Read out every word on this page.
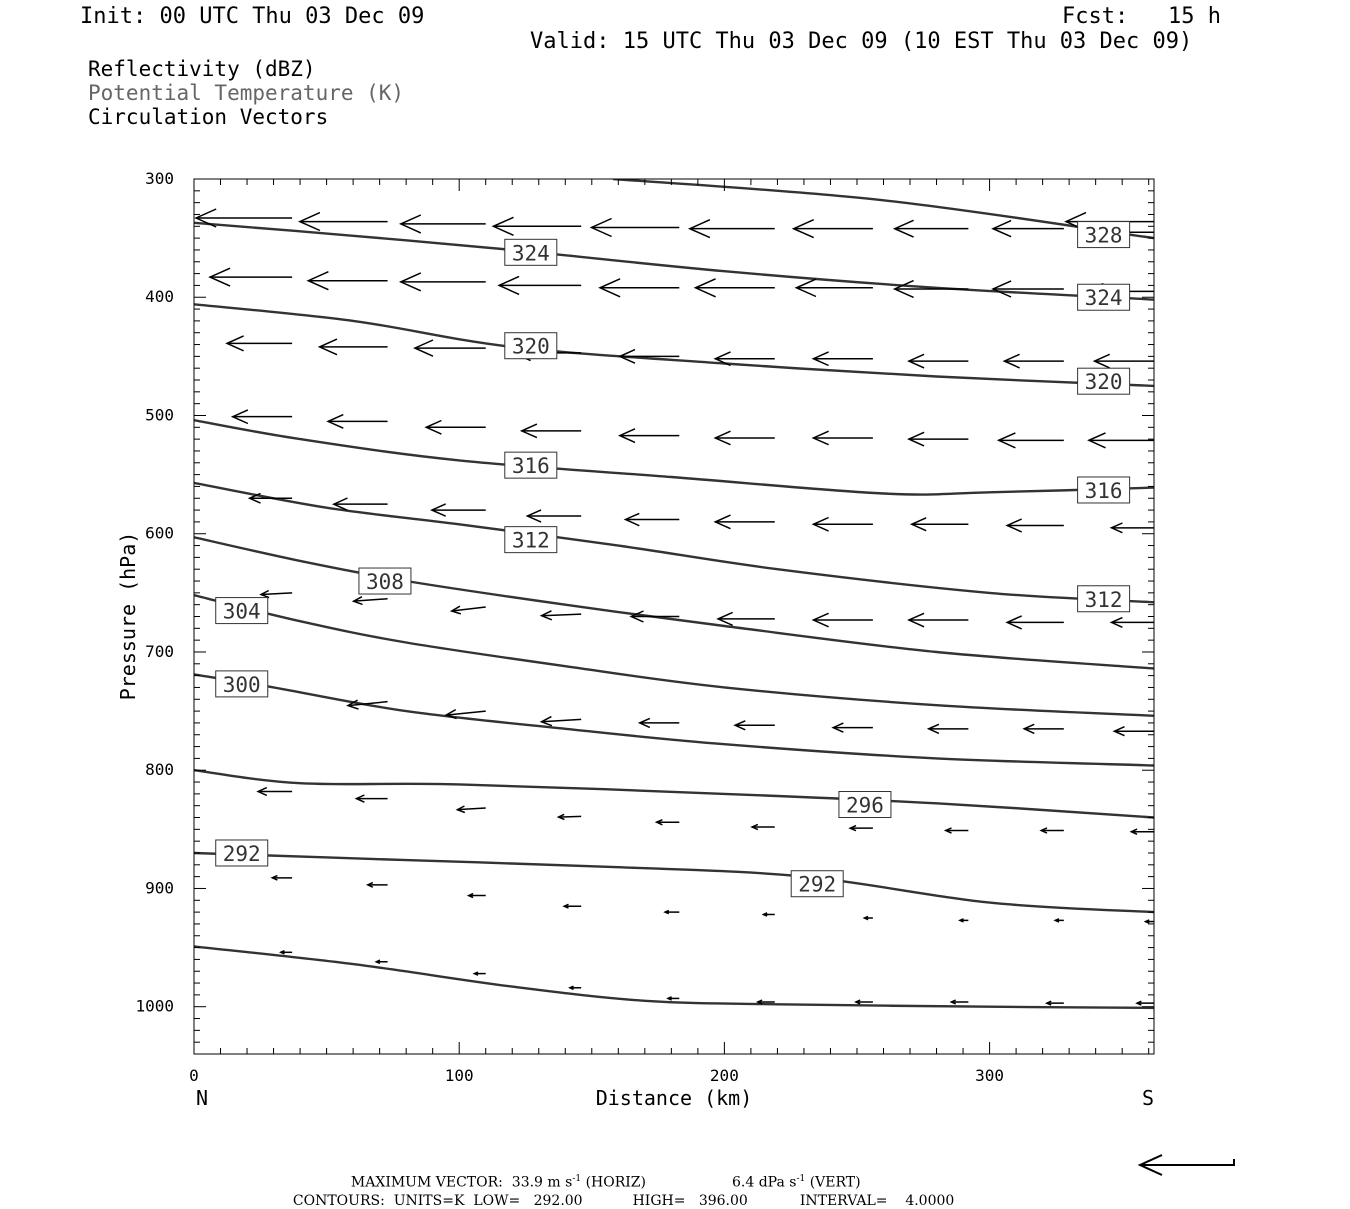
Init: 00 UTC Thu 03 Dec 09	Fcst:   15 h
Valid: 15 UTC Thu 03 Dec 09 (10 EST Thu 03 Dec 09)
Reflectivity (dBZ)
Potential Temperature (K)
Circulation Vectors
328
324
324
320
320
316
316
312
312
308
304
300
296
292
292
0	100	200	300
300
400
500
600
700
800
900
1000
Distance (km)
Pressure (hPa)
N	S

MAXIMUM VECTOR: 33.9 m $s^{-1}$ (HORIZ)	6.4 dPa $s^{-1}$ (VERT)

CONTOURS: UNITS=K LOW= 292.00	HIGH= 396.00	INTERVAL= 4.0000
